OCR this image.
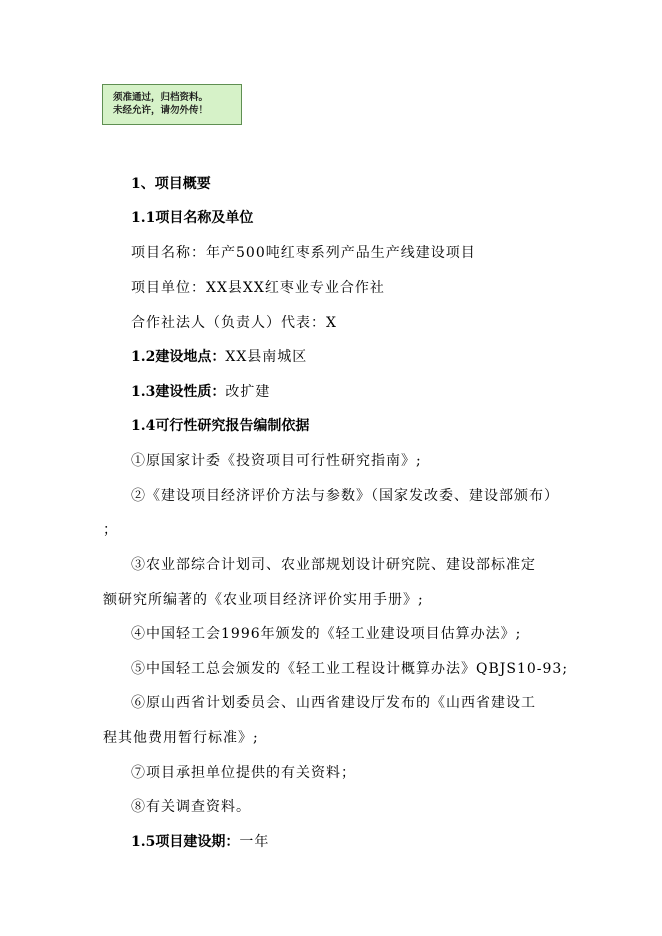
须准通过，归档资料。
未经允许，请勿外传！
1、项目概要
1.1项目名称及单位
项目名称：年产500吨红枣系列产品生产线建设项目
项目单位：XX县XX红枣业专业合作社
合作社法人（负责人）代表：X
1.2建设地点：XX县南城区
1.3建设性质：改扩建
1.4可行性研究报告编制依据
①原国家计委《投资项目可行性研究指南》;
②《建设项目经济评价方法与参数》（国家发改委、建设部颁布）
；
③农业部综合计划司、农业部规划设计研究院、建设部标准定
额研究所编著的《农业项目经济评价实用手册》;
④中国轻工会1996年颁发的《轻工业建设项目估算办法》;
⑤中国轻工总会颁发的《轻工业工程设计概算办法》QBJS10-93;
⑥原山西省计划委员会、山西省建设厅发布的《山西省建设工
程其他费用暂行标准》;
⑦项目承担单位提供的有关资料；
⑧有关调查资料。
1.5项目建设期：一年
